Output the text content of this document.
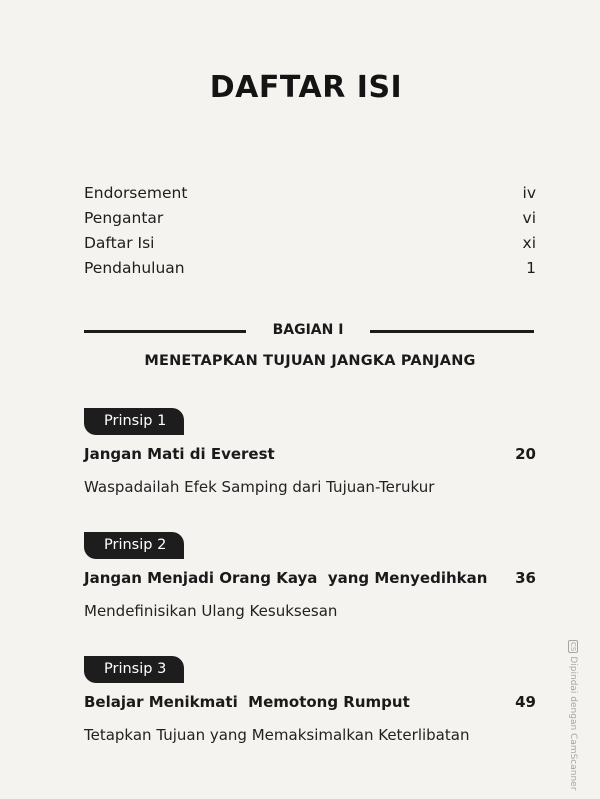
DAFTAR ISI
Endorsement	iv
Pengantar	vi
Daftar Isi	xi
Pendahuluan	1
BAGIAN I
MENETAPKAN TUJUAN JANGKA PANJANG
Prinsip 1
Jangan Mati di Everest	20
Waspadailah Efek Samping dari Tujuan-Terukur
Prinsip 2
Jangan Menjadi Orang Kaya  yang Menyedihkan 36
Mendefinisikan Ulang Kesuksesan
Prinsip 3
Belajar Menikmati  Memotong Rumput	49
Tetapkan Tujuan yang Memaksimalkan Keterlibatan
CSDipindai dengan CamScanner
